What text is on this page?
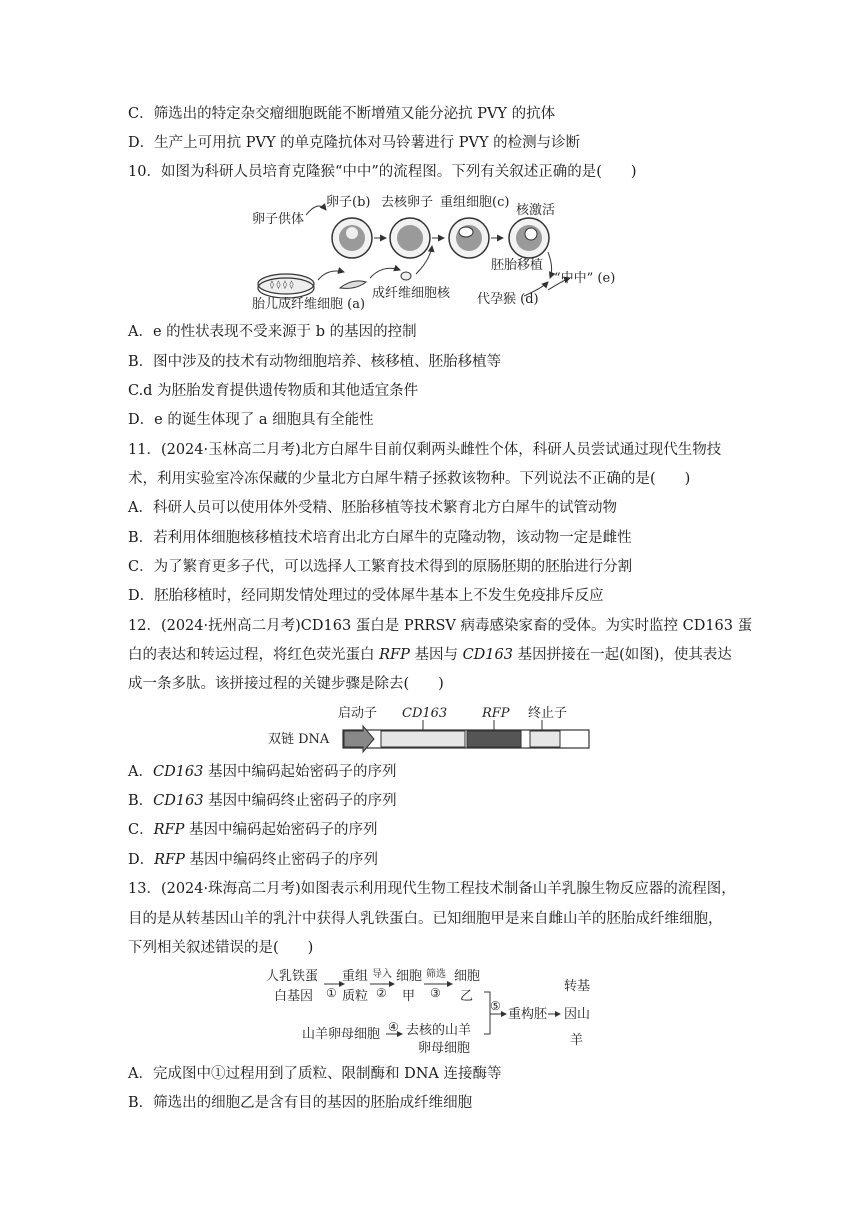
C．筛选出的特定杂交瘤细胞既能不断增殖又能分泌抗 PVY 的抗体
D．生产上可用抗 PVY 的单克隆抗体对马铃薯进行 PVY 的检测与诊断
10．如图为科研人员培育克隆猴“中中”的流程图。下列有关叙述正确的是(　　)
卵子供体
卵子(b) 去核卵子 重组细胞(c)
核激活
胚胎移植
◊ ◊ ◊ ◊
胎儿成纤维细胞 (a)
成纤维细胞核 代孕猴 (d)
“中中” (e)
A．e 的性状表现不受来源于 b 的基因的控制
B．图中涉及的技术有动物细胞培养、核移植、胚胎移植等
C.d 为胚胎发育提供遗传物质和其他适宜条件
D．e 的诞生体现了 a 细胞具有全能性
11．(2024·玉林高二月考)北方白犀牛目前仅剩两头雌性个体，科研人员尝试通过现代生物技
术，利用实验室冷冻保藏的少量北方白犀牛精子拯救该物种。下列说法不正确的是(　　)
A．科研人员可以使用体外受精、胚胎移植等技术繁育北方白犀牛的试管动物
B．若利用体细胞核移植技术培育出北方白犀牛的克隆动物，该动物一定是雌性
C．为了繁育更多子代，可以选择人工繁育技术得到的原肠胚期的胚胎进行分割
D．胚胎移植时，经同期发情处理过的受体犀牛基本上不发生免疫排斥反应
12．(2024·抚州高二月考)CD163 蛋白是 PRRSV 病毒感染家畜的受体。为实时监控 CD163 蛋
白的表达和转运过程，将红色荧光蛋白 RFP 基因与 CD163 基因拼接在一起(如图)，使其表达
成一条多肽。该拼接过程的关键步骤是除去(　　)
双链 DNA
启动子 CD163	RFP 终止子
A．CD163 基因中编码起始密码子的序列
B．CD163 基因中编码终止密码子的序列
C．RFP 基因中编码起始密码子的序列
D．RFP 基因中编码终止密码子的序列
13．(2024·珠海高二月考)如图表示利用现代生物工程技术制备山羊乳腺生物反应器的流程图，
目的是从转基因山羊的乳汁中获得人乳铁蛋白。已知细胞甲是来自雌山羊的胚胎成纤维细胞，
下列相关叙述错误的是(　　)
人乳铁蛋
白基因 ①
重组
质粒
导入
②
细胞
甲
筛选
③
细胞
乙
山羊卵母细胞 ④ 去核的山羊
卵母细胞
⑤
重构胚
转基
因山
羊
A．完成图中①过程用到了质粒、限制酶和 DNA 连接酶等
B．筛选出的细胞乙是含有目的基因的胚胎成纤维细胞
